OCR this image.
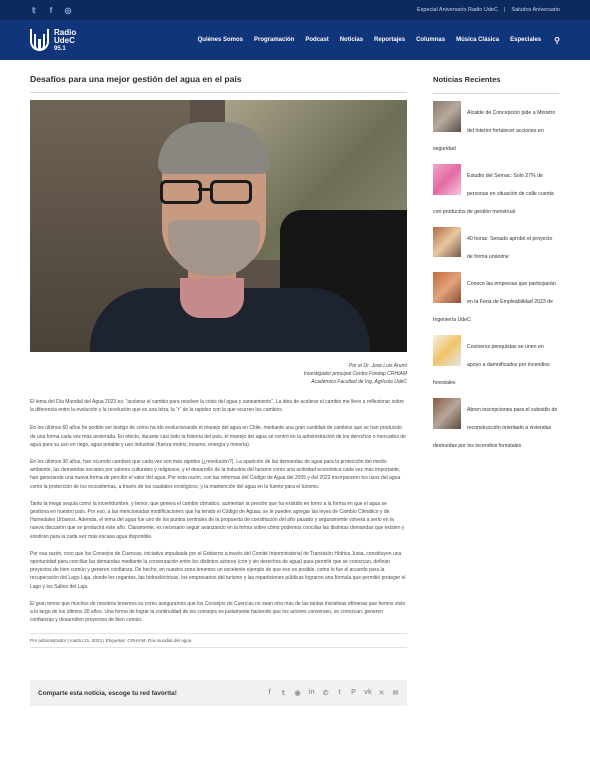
𝕥	f	◎	Especial Aniversario Radio UdeC | Saludos Aniversario
Radio
UdeC
95.1
Quiénes Somos Programación Podcast Noticias Reportajes Columnas Música Clásica Especiales ⚲
Desafíos para una mejor gestión del agua en el país
Por el Dr. José Luis Arumí
Investigador principal Centro Fondap CRHIAM
Académico Facultad de Ing. Agrícola UdeC

El lema del Día Mundial del Agua 2023 es: “acelerar el cambio para resolver la crisis del agua y saneamiento”. La idea de acelerar el cambio me llevo a reflexionar sobre la diferencia entre la evolución y la revolución que es una letra, la “r” de la rapidez con la que ocurren los cambios.

En los últimos 60 años he podido ser testigo de cómo ha ido evolucionando el manejo del agua en Chile, mediante una gran cantidad de cambios que se han producido de una forma cada vez más acelerada. En efecto, durante casi todo la historia del país, el manejo del agua se centró en la administración de los derechos o mercados de agua para su uso en riego, agua potable y uso industrial (fuerza motriz, insumo, energía y minería).

En los últimos 30 años, han ocurrido cambios que cada vez son más rápidos (¿revolución?). La aparición de las demandas de agua para la protección del medio ambiente, las demandas sociales por valores culturales y religiosos, y el desarrollo de la industria del turismo como una actividad económica cada vez más importante, han generando una nueva forma de percibir el valor del agua. Por esta razón, con las reformas del Código de Agua del 2005 y del 2022 incorporaron los usos del agua como la protección de los ecosistemas, a través de los caudales ecológicos, y la mantención del agua en la fuente para el turismo.

Tanto la mega sequía como la incertidumbre, y temor, que genera el cambio climático, aumentan la presión que ha existido en torno a la forma en que el agua se gestiona en nuestro país. Por eso, a las mencionadas modificaciones que ha tenido el Código de Aguas, se le pueden agregar las leyes de Cambio Climático y de Humedales Urbanos. Además, el tema del agua fue uno de los puntos centrales de la propuesta de constitución del año pasado y seguramente volverá a serlo en la nueva discusión que se producirá este año. Claramente, es necesario seguir avanzando en la forma sobre cómo podemos conciliar las distintas demandas que existen y existirán para la cada vez más escasa agua disponible.

Por esa razón, creo que los Consejos de Cuencas, iniciativa impulsada por el Gobierno a través del Comité Interministerial de Transición Hídrica Justa, constituyen una oportunidad para conciliar las demandas mediante la conversación entre los distintos actores (con y sin derechos de agua) para permitir que se conozcan, definan proyectos de bien común y generen confianza. De hecho, en nuestra zona tenemos un excelente ejemplo de que eso es posible, como lo fue el acuerdo para la recuperación del Lago Laja, donde los regantes, las hidroeléctricas, los empresarios del turismo y las reparticiones públicas lograron una fórmula que permitió proteger el Lago y los Saltos del Laja.

El gran temor que muchos de nosotros tenemos es como aseguramos que los Consejos de Cuencas no sean otra más de las tantas iniciativas efímeras que hemos visto a lo largo de los últimos 30 años. Una forma de lograr la continuidad de los consejos es justamente haciendo que los actores conversen, se conozcan, generen confianzas y desarrollen proyectos de bien común.

Por administrador | marzo 21, 2023 | Etiquetas: CRHIAM, Día mundial del agua
Comparte esta noticia, escoge tu red favorita!	f	𝕥 ◉ in ✆	t	P vk ✕ ✉
Noticias Recientes
Alcalde de Concepción pide a Ministro del Interior fortalecer acciones en seguridad
Estudio del Sernac: Solo 27% de personas en situación de calle cuenta con productos de gestión menstrual
40 horas: Senado aprobó el proyecto de forma unánime
Conoce las empresas que participarán en la Feria de Empleabilidad 2023 de Ingeniería UdeC
Cocinerxs penquistas se unen en apoyo a damnificados por incendios forestales
Abren inscripciones para el subsidio de reconstrucción orientado a viviendas destruidas por los incendios forestales
